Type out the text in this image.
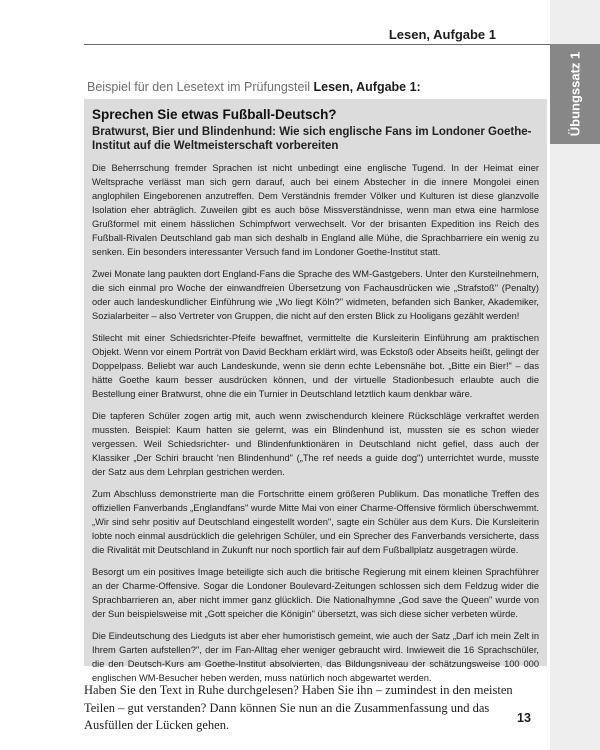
Übungssatz 1
Lesen, Aufgabe 1
Beispiel für den Lesetext im Prüfungsteil Lesen, Aufgabe 1:
Sprechen Sie etwas Fußball-Deutsch?
Bratwurst, Bier und Blindenhund: Wie sich englische Fans im Londoner Goethe-Institut auf die Weltmeisterschaft vorbereiten

Die Beherrschung fremder Sprachen ist nicht unbedingt eine englische Tugend. In der Heimat einer Weltsprache verlässt man sich gern darauf, auch bei einem Abstecher in die innere Mongolei einen anglophilen Eingeborenen anzutreffen. Dem Verständnis fremder Völker und Kulturen ist diese glanzvolle Isolation eher abträglich. Zuweilen gibt es auch böse Missverständnisse, wenn man etwa eine harmlose Grußformel mit einem hässlichen Schimpfwort verwechselt. Vor der brisanten Expedition ins Reich des Fußball-Rivalen Deutschland gab man sich deshalb in England alle Mühe, die Sprachbarriere ein wenig zu senken. Ein besonders interessanter Versuch fand im Londoner Goethe-Institut statt.

Zwei Monate lang paukten dort England-Fans die Sprache des WM-Gastgebers. Unter den Kursteilnehmern, die sich einmal pro Woche der einwandfreien Übersetzung von Fachausdrücken wie „Strafstoß" (Penalty) oder auch landeskundlicher Einführung wie „Wo liegt Köln?" widmeten, befanden sich Banker, Akademiker, Sozialarbeiter – also Vertreter von Gruppen, die nicht auf den ersten Blick zu Hooligans gezählt werden!

Stilecht mit einer Schiedsrichter-Pfeife bewaffnet, vermittelte die Kursleiterin Einführung am praktischen Objekt. Wenn vor einem Porträt von David Beckham erklärt wird, was Eckstoß oder Abseits heißt, gelingt der Doppelpass. Beliebt war auch Landeskunde, wenn sie denn echte Lebensnähe bot. „Bitte ein Bier!" – das hätte Goethe kaum besser ausdrücken können, und der virtuelle Stadionbesuch erlaubte auch die Bestellung einer Bratwurst, ohne die ein Turnier in Deutschland letztlich kaum denkbar wäre.

Die tapferen Schüler zogen artig mit, auch wenn zwischendurch kleinere Rückschläge verkraftet werden mussten. Beispiel: Kaum hatten sie gelernt, was ein Blindenhund ist, mussten sie es schon wieder vergessen. Weil Schiedsrichter- und Blindenfunktionären in Deutschland nicht gefiel, dass auch der Klassiker „Der Schiri braucht 'nen Blindenhund" („The ref needs a guide dog") unterrichtet wurde, musste der Satz aus dem Lehrplan gestrichen werden.

Zum Abschluss demonstrierte man die Fortschritte einem größeren Publikum. Das monatliche Treffen des offiziellen Fanverbands „Englandfans" wurde Mitte Mai von einer Charme-Offensive förmlich überschwemmt. „Wir sind sehr positiv auf Deutschland eingestellt worden", sagte ein Schüler aus dem Kurs. Die Kursleiterin lobte noch einmal ausdrücklich die gelehrigen Schüler, und ein Sprecher des Fanverbands versicherte, dass die Rivalität mit Deutschland in Zukunft nur noch sportlich fair auf dem Fußballplatz ausgetragen würde.

Besorgt um ein positives Image beteiligte sich auch die britische Regierung mit einem kleinen Sprachführer an der Charme-Offensive. Sogar die Londoner Boulevard-Zeitungen schlossen sich dem Feldzug wider die Sprachbarrieren an, aber nicht immer ganz glücklich. Die Nationalhymne „God save the Queen" wurde von der Sun beispielsweise mit „Gott speicher die Königin" übersetzt, was sich diese sicher verbeten würde.

Die Eindeutschung des Liedguts ist aber eher humoristisch gemeint, wie auch der Satz „Darf ich mein Zelt in Ihrem Garten aufstellen?", der im Fan-Alltag eher weniger gebraucht wird. Inwieweit die 16 Sprachschüler, die den Deutsch-Kurs am Goethe-Institut absolvierten, das Bildungsniveau der schätzungsweise 100 000 englischen WM-Besucher heben werden, muss natürlich noch abgewartet werden.

Haben Sie den Text in Ruhe durchgelesen? Haben Sie ihn – zumindest in den meisten Teilen – gut verstanden? Dann können Sie nun an die Zusammenfassung und das Ausfüllen der Lücken gehen.	13
